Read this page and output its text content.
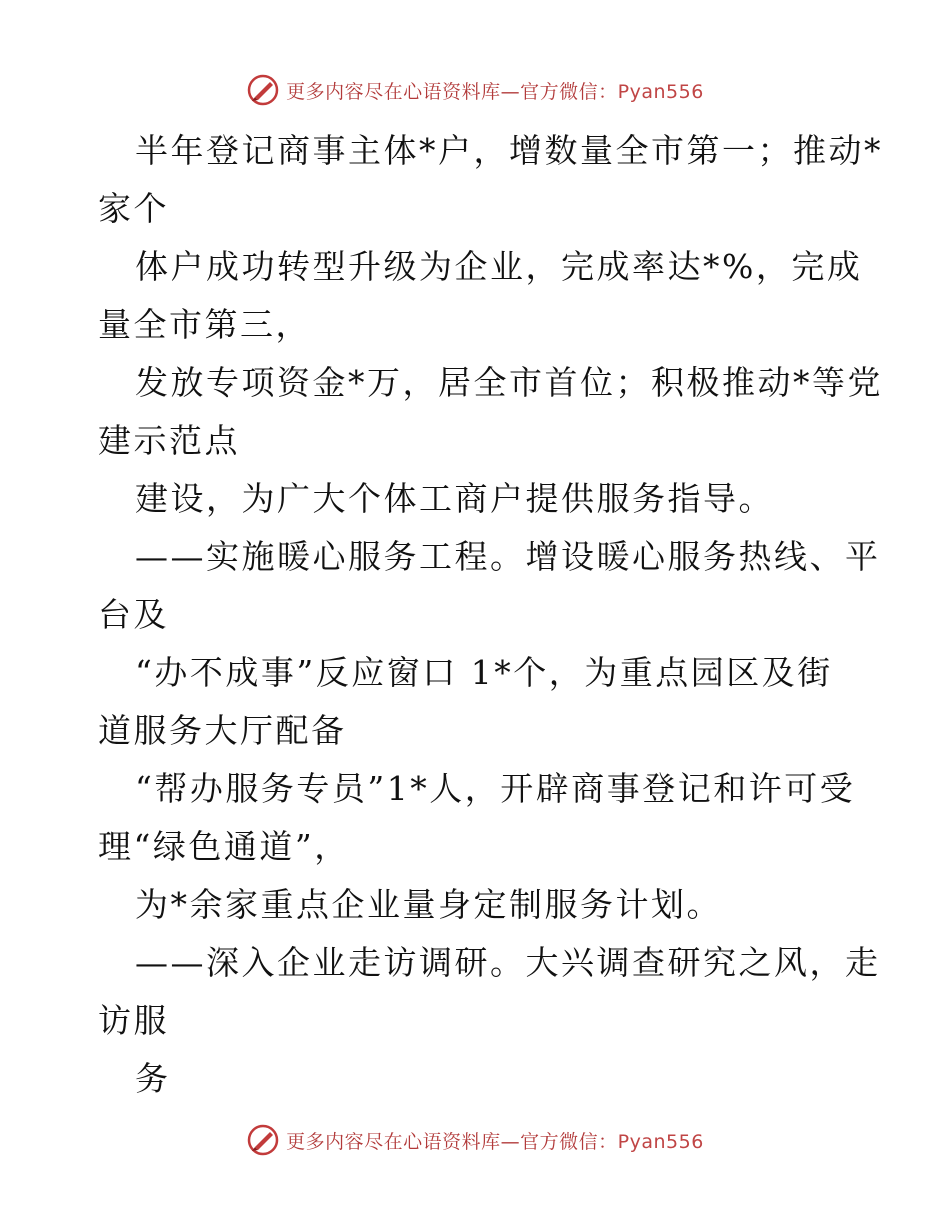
更多内容尽在心语资料库—官方微信：Pyan556
半年登记商事主体*户，增数量全市第一；推动*
家个
体户成功转型升级为企业，完成率达*%，完成
量全市第三，
发放专项资金*万，居全市首位；积极推动*等党
建示范点
建设，为广大个体工商户提供服务指导。
——实施暖心服务工程。增设暖心服务热线、平
台及
“办不成事”反应窗口 1*个，为重点园区及街
道服务大厅配备
“帮办服务专员”1*人，开辟商事登记和许可受
理“绿色通道”，
为*余家重点企业量身定制服务计划。
——深入企业走访调研。大兴调查研究之风，走
访服
务
更多内容尽在心语资料库—官方微信：Pyan556
